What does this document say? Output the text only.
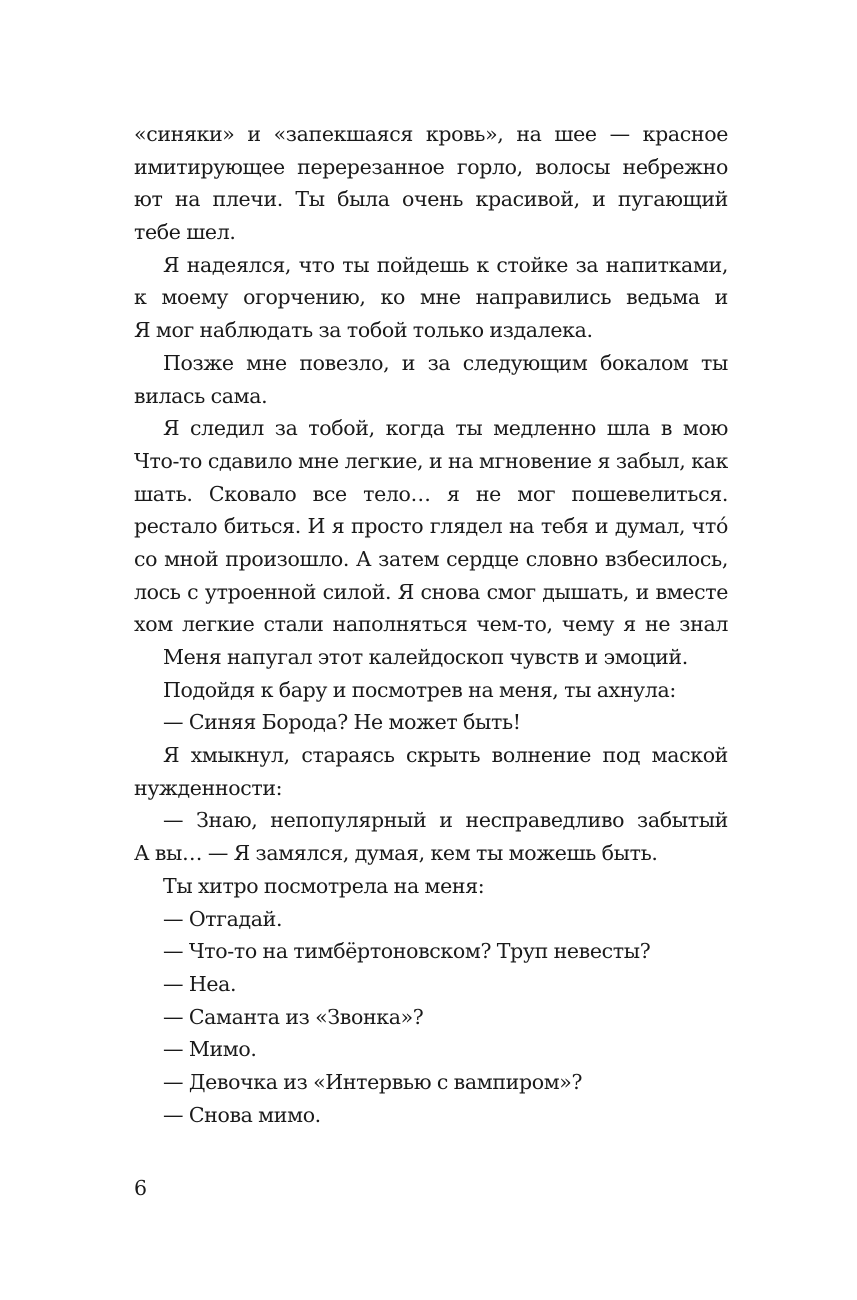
«синяки» и «запекшаяся кровь», на шее — красное
имитирующее перерезанное горло, волосы небрежно
ют на плечи. Ты была очень красивой, и пугающий
тебе шел.
Я надеялся, что ты пойдешь к стойке за напитками,
к моему огорчению, ко мне направились ведьма и
Я мог наблюдать за тобой только издалека.
Позже мне повезло, и за следующим бокалом ты
вилась сама.
Я следил за тобой, когда ты медленно шла в мою
Что-то сдавило мне легкие, и на мгновение я забыл, как
шать. Сковало все тело… я не мог пошевелиться.
рестало биться. И я просто глядел на тебя и думал, чтó
со мной произошло. А затем сердце словно взбесилось,
лось с утроенной силой. Я снова смог дышать, и вместе
хом легкие стали наполняться чем-то, чему я не знал
Меня напугал этот калейдоскоп чувств и эмоций.
Подойдя к бару и посмотрев на меня, ты ахнула:
— Синяя Борода? Не может быть!
Я хмыкнул, стараясь скрыть волнение под маской
нужденности:
— Знаю, непопулярный и несправедливо забытый
А вы… — Я замялся, думая, кем ты можешь быть.
Ты хитро посмотрела на меня:
— Отгадай.
— Что-то на тимбёртоновском? Труп невесты?
— Неа.
— Саманта из «Звонка»?
— Мимо.
— Девочка из «Интервью с вампиром»?
— Снова мимо.
6
